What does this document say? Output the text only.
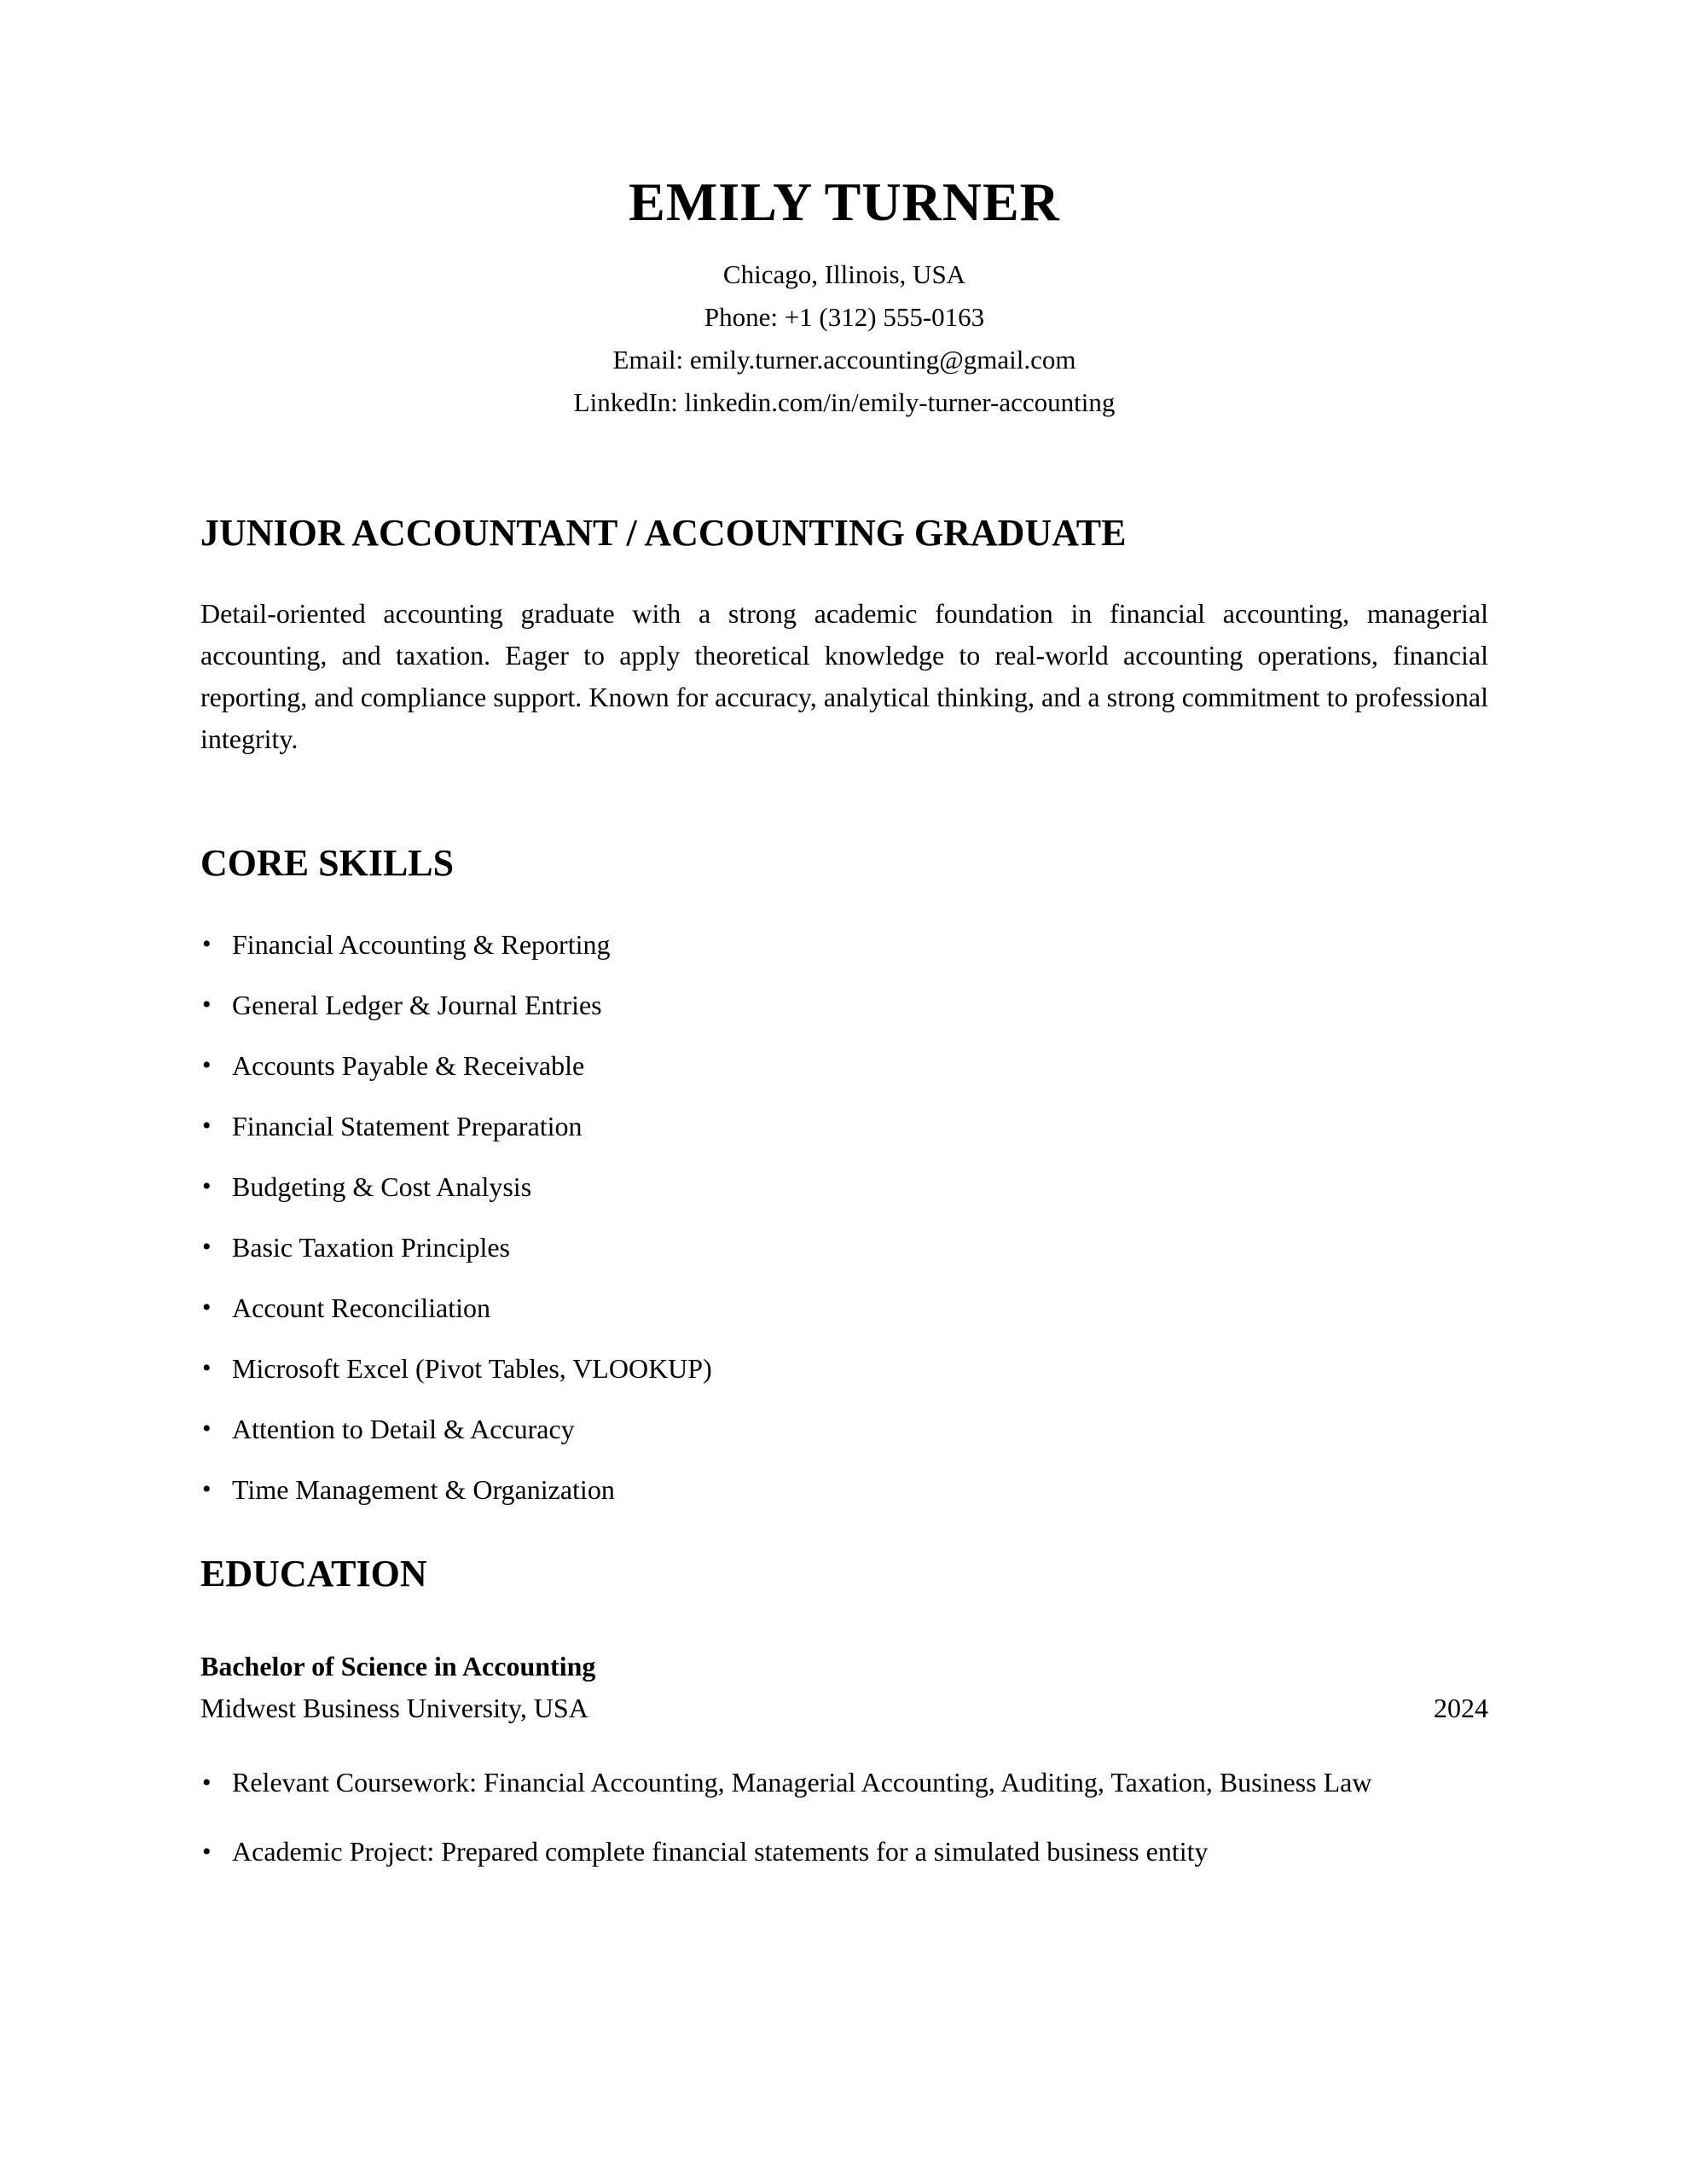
EMILY TURNER
Chicago, Illinois, USA
Phone: +1 (312) 555-0163
Email: emily.turner.accounting@gmail.com
LinkedIn: linkedin.com/in/emily-turner-accounting
JUNIOR ACCOUNTANT / ACCOUNTING GRADUATE

Detail-oriented accounting graduate with a strong academic foundation in financial accounting, managerial accounting, and taxation. Eager to apply theoretical knowledge to real-world accounting operations, financial reporting, and compliance support. Known for accuracy, analytical thinking, and a strong commitment to professional integrity.

CORE SKILLS
• Financial Accounting & Reporting
• General Ledger & Journal Entries
• Accounts Payable & Receivable
• Financial Statement Preparation
• Budgeting & Cost Analysis
• Basic Taxation Principles
• Account Reconciliation
• Microsoft Excel (Pivot Tables, VLOOKUP)
• Attention to Detail & Accuracy
• Time Management & Organization
EDUCATION
Bachelor of Science in Accounting
Midwest Business University, USA	2024
• Relevant Coursework: Financial Accounting, Managerial Accounting, Auditing, Taxation, Business Law
• Academic Project: Prepared complete financial statements for a simulated business entity
